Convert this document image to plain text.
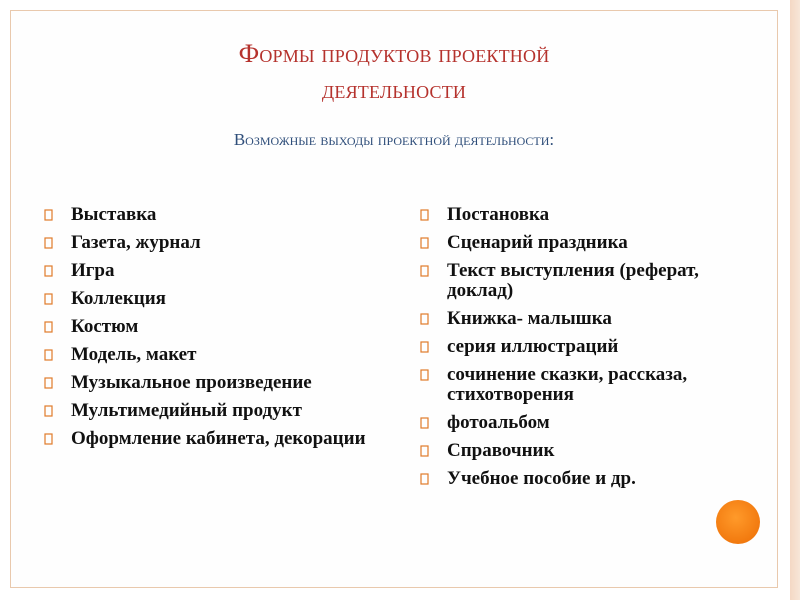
Формы продуктов проектной
деятельности
Возможные выходы проектной деятельности:
Выставка
Газета, журнал
Игра
Коллекция
Костюм
Модель, макет
Музыкальное произведение
Мультимедийный продукт
Оформление кабинета, декорации
Постановка
Сценарий праздника
Текст выступления (реферат, доклад)
Книжка- малышка
серия иллюстраций
сочинение сказки, рассказа, стихотворения
фотоальбом
Справочник
Учебное пособие и др.
